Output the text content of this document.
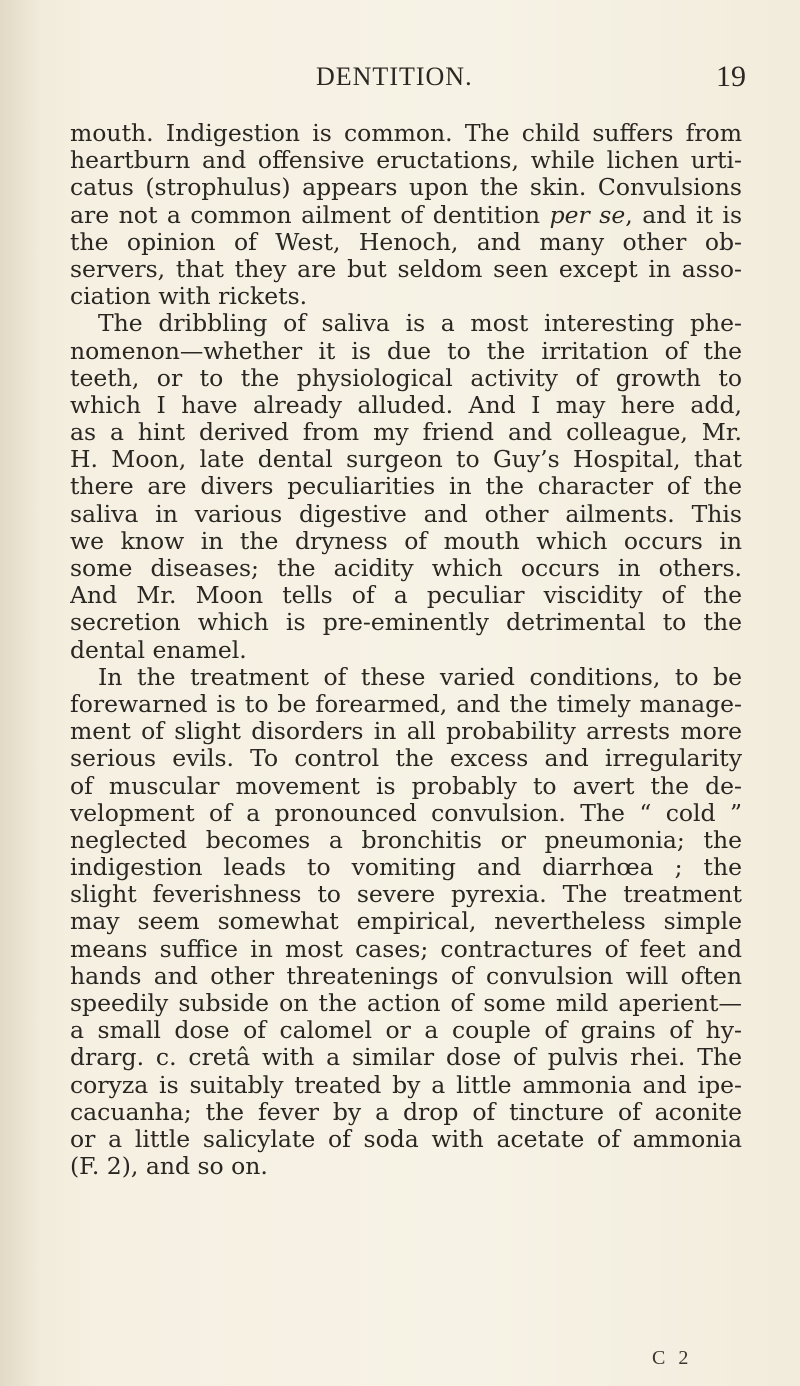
DENTITION.	19
mouth. Indigestion is common. The child suffers from
heartburn and offensive eructations, while lichen urti-
catus (strophulus) appears upon the skin. Convulsions
are not a common ailment of dentition per se, and it is
the opinion of West, Henoch, and many other ob-
servers, that they are but seldom seen except in asso-
ciation with rickets.
The dribbling of saliva is a most interesting phe-
nomenon—whether it is due to the irritation of the
teeth, or to the physiological activity of growth to
which I have already alluded. And I may here add,
as a hint derived from my friend and colleague, Mr.
H. Moon, late dental surgeon to Guy’s Hospital, that
there are divers peculiarities in the character of the
saliva in various digestive and other ailments. This
we know in the dryness of mouth which occurs in
some diseases; the acidity which occurs in others.
And Mr. Moon tells of a peculiar viscidity of the
secretion which is pre-eminently detrimental to the
dental enamel.
In the treatment of these varied conditions, to be
forewarned is to be forearmed, and the timely manage-
ment of slight disorders in all probability arrests more
serious evils. To control the excess and irregularity
of muscular movement is probably to avert the de-
velopment of a pronounced convulsion. The “ cold ”
neglected becomes a bronchitis or pneumonia; the
indigestion leads to vomiting and diarrhœa ; the
slight feverishness to severe pyrexia. The treatment
may seem somewhat empirical, nevertheless simple
means suffice in most cases; contractures of feet and
hands and other threatenings of convulsion will often
speedily subside on the action of some mild aperient—
a small dose of calomel or a couple of grains of hy-
drarg. c. cretâ with a similar dose of pulvis rhei. The
coryza is suitably treated by a little ammonia and ipe-
cacuanha; the fever by a drop of tincture of aconite
or a little salicylate of soda with acetate of ammonia
(F. 2), and so on.
C 2
